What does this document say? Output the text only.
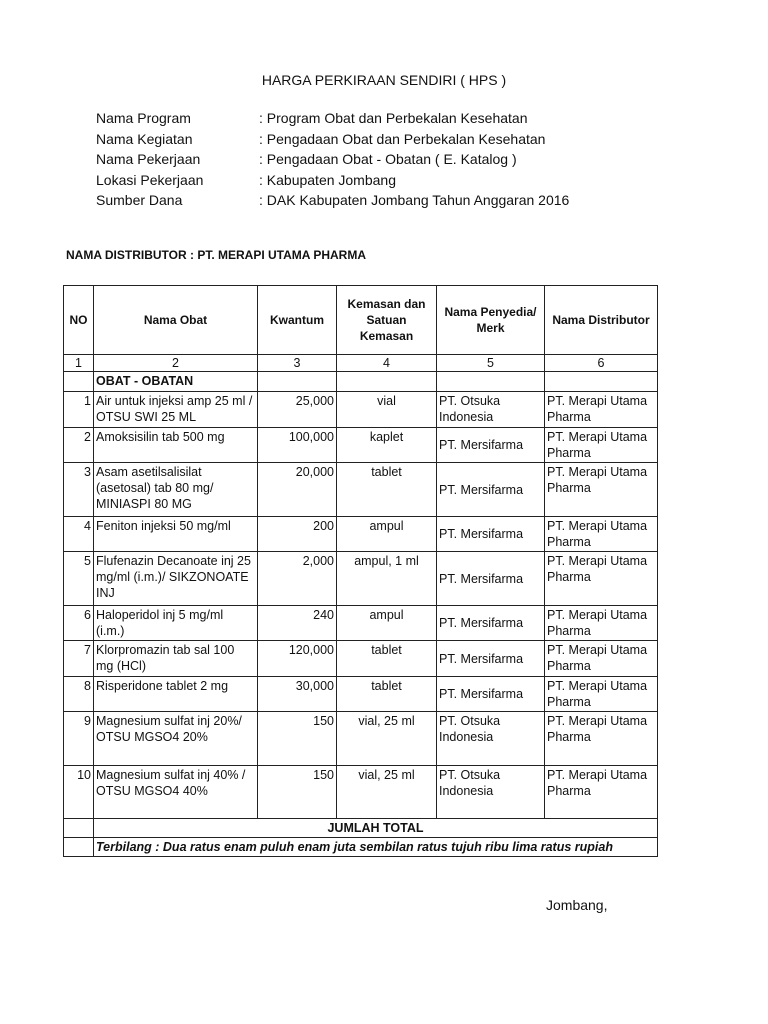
HARGA PERKIRAAN SENDIRI ( HPS )
Nama Program	: Program Obat dan Perbekalan Kesehatan
Nama Kegiatan	: Pengadaan Obat dan Perbekalan Kesehatan
Nama Pekerjaan	: Pengadaan Obat - Obatan ( E. Katalog )
Lokasi Pekerjaan	: Kabupaten Jombang
Sumber Dana	: DAK Kabupaten Jombang Tahun Anggaran 2016
NAMA DISTRIBUTOR : PT. MERAPI UTAMA PHARMA
NO	Nama Obat	Kwantum	Kemasan dan Satuan Kemasan	Nama Penyedia/ Merk	Nama Distributor
1	2	3	4	5	6
	OBAT - OBATAN				
1	Air untuk injeksi amp 25 ml / OTSU SWI 25 ML	25,000	vial	PT. Otsuka Indonesia	PT. Merapi Utama Pharma
2	Amoksisilin tab 500 mg	100,000	kaplet	PT. Mersifarma	PT. Merapi Utama Pharma
3	Asam asetilsalisilat (asetosal) tab 80 mg/ MINIASPI 80 MG	20,000	tablet	PT. Mersifarma	PT. Merapi Utama Pharma
4	Feniton injeksi 50 mg/ml	200	ampul	PT. Mersifarma	PT. Merapi Utama Pharma
5	Flufenazin Decanoate inj 25 mg/ml (i.m.)/ SIKZONOATE INJ	2,000	ampul, 1 ml	PT. Mersifarma	PT. Merapi Utama Pharma
6	Haloperidol inj 5 mg/ml (i.m.)	240	ampul	PT. Mersifarma	PT. Merapi Utama Pharma
7	Klorpromazin tab sal 100 mg (HCl)	120,000	tablet	PT. Mersifarma	PT. Merapi Utama Pharma
8	Risperidone tablet 2 mg	30,000	tablet	PT. Mersifarma	PT. Merapi Utama Pharma
9	Magnesium sulfat inj 20%/ OTSU MGSO4 20%	150	vial, 25 ml	PT. Otsuka Indonesia	PT. Merapi Utama Pharma
10	Magnesium sulfat inj 40% / OTSU MGSO4 40%	150	vial, 25 ml	PT. Otsuka Indonesia	PT. Merapi Utama Pharma
	JUMLAH TOTAL				
	Terbilang : Dua ratus enam puluh enam juta sembilan ratus tujuh ribu lima ratus rupiah				
Jombang,
